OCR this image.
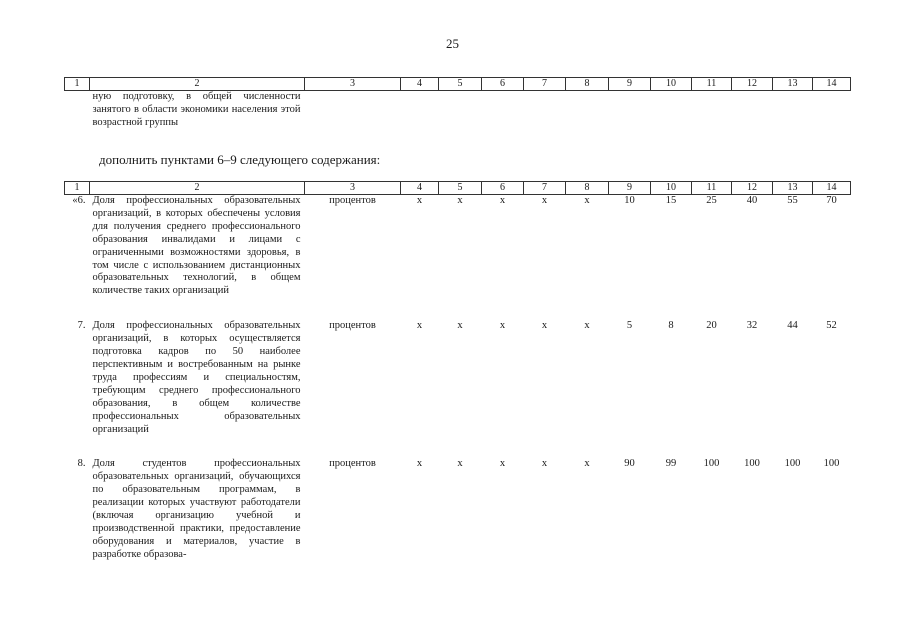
25
1	2	3	4	5	6	7	8	9	10	11	12	13	14
	ную подготовку, в общей численности занятого в области экономики населения этой возрастной группы												

дополнить пунктами 6–9 следующего содержания:

1	2	3	4	5	6	7	8	9	10	11	12	13	14
«6.	Доля профессиональных образовательных организаций, в которых обеспечены условия для получения среднего профессионального образования инвалидами и лицами с ограниченными возможностями здоровья, в том числе с использованием дистанционных образовательных технологий, в общем количестве таких организаций	процентов	х	х	х	х	х	10	15	25	40	55	70

7.	Доля профессиональных образовательных организаций, в которых осуществляется подготовка кадров по 50 наиболее перспективным и востребованным на рынке труда профессиям и специальностям, требующим среднего профессионального образования, в общем количестве профессиональных образовательных организаций	процентов	х	х	х	х	х	5	8	20	32	44	52

8.	Доля студентов профессиональных образовательных организаций, обучающихся по образовательным программам, в реализации которых участвуют работодатели (включая организацию учебной и производственной практики, предоставление оборудования и материалов, участие в разработке образова-	процентов	х	х	х	х	х	90	99	100	100	100	100
